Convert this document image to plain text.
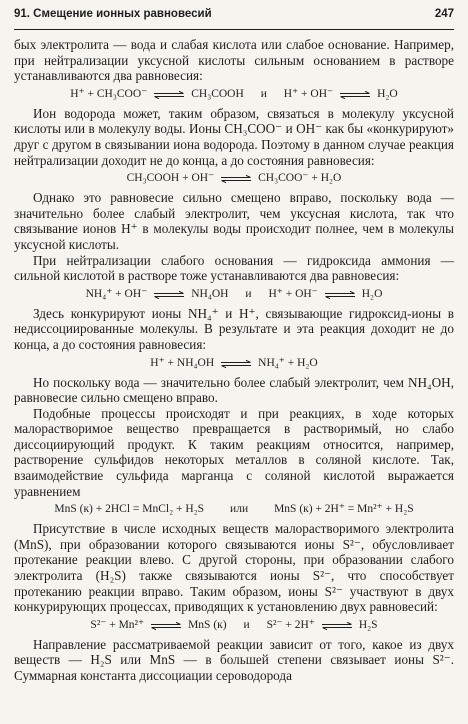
91. Смещение ионных равновесий	247

бых электролита — вода и слабая кислота или слабое основание. Например, при нейтрализации уксусной кислоты сильным основанием в растворе устанавливаются два равновесия:

H⁺ + CH₃COO⁻ ⇌ CH₃COOH	и	H⁺ + OH⁻ ⇌ H₂O

Ион водорода может, таким образом, связаться в молекулу уксусной кислоты или в молекулу воды. Ионы CH₃COO⁻ и OH⁻ как бы «конкурируют» друг с другом в связывании иона водорода. Поэтому в данном случае реакция нейтрализации доходит не до конца, а до состояния равновесия:

CH₃COOH + OH⁻ ⇌ CH₃COO⁻ + H₂O

Однако это равновесие сильно смещено вправо, поскольку вода — значительно более слабый электролит, чем уксусная кислота, так что связывание ионов H⁺ в молекулы воды происходит полнее, чем в молекулы уксусной кислоты.

При нейтрализации слабого основания — гидроксида аммония — сильной кислотой в растворе тоже устанавливаются два равновесия:

NH₄⁺ + OH⁻ ⇌ NH₄OH	и	H⁺ + OH⁻ ⇌ H₂O

Здесь конкурируют ионы NH₄⁺ и H⁺, связывающие гидроксид-ионы в недиссоциированные молекулы. В результате и эта реакция доходит не до конца, а до состояния равновесия:

H⁺ + NH₄OH ⇌ NH₄⁺ + H₂O

Но поскольку вода — значительно более слабый электролит, чем NH₄OH, равновесие сильно смещено вправо.

Подобные процессы происходят и при реакциях, в ходе которых малорастворимое вещество превращается в растворимый, но слабо диссоциирующий продукт. К таким реакциям относится, например, растворение сульфидов некоторых металлов в соляной кислоте. Так, взаимодействие сульфида марганца с соляной кислотой выражается уравнением

MnS (к) + 2HCl = MnCl₂ + H₂S	или	MnS (к) + 2H⁺ = Mn²⁺ + H₂S

Присутствие в числе исходных веществ малорастворимого электролита (MnS), при образовании которого связываются ионы S²⁻, обусловливает протекание реакции влево. С другой стороны, при образовании слабого электролита (H₂S) также связываются ионы S²⁻, что способствует протеканию реакции вправо. Таким образом, ионы S²⁻ участвуют в двух конкурирующих процессах, приводящих к установлению двух равновесий:

S²⁻ + Mn²⁺ ⇌ MnS (к)	и	S²⁻ + 2H⁺ ⇌ H₂S

Направление рассматриваемой реакции зависит от того, какое из двух веществ — H₂S или MnS — в большей степени связывает ионы S²⁻. Суммарная константа диссоциации сероводорода
